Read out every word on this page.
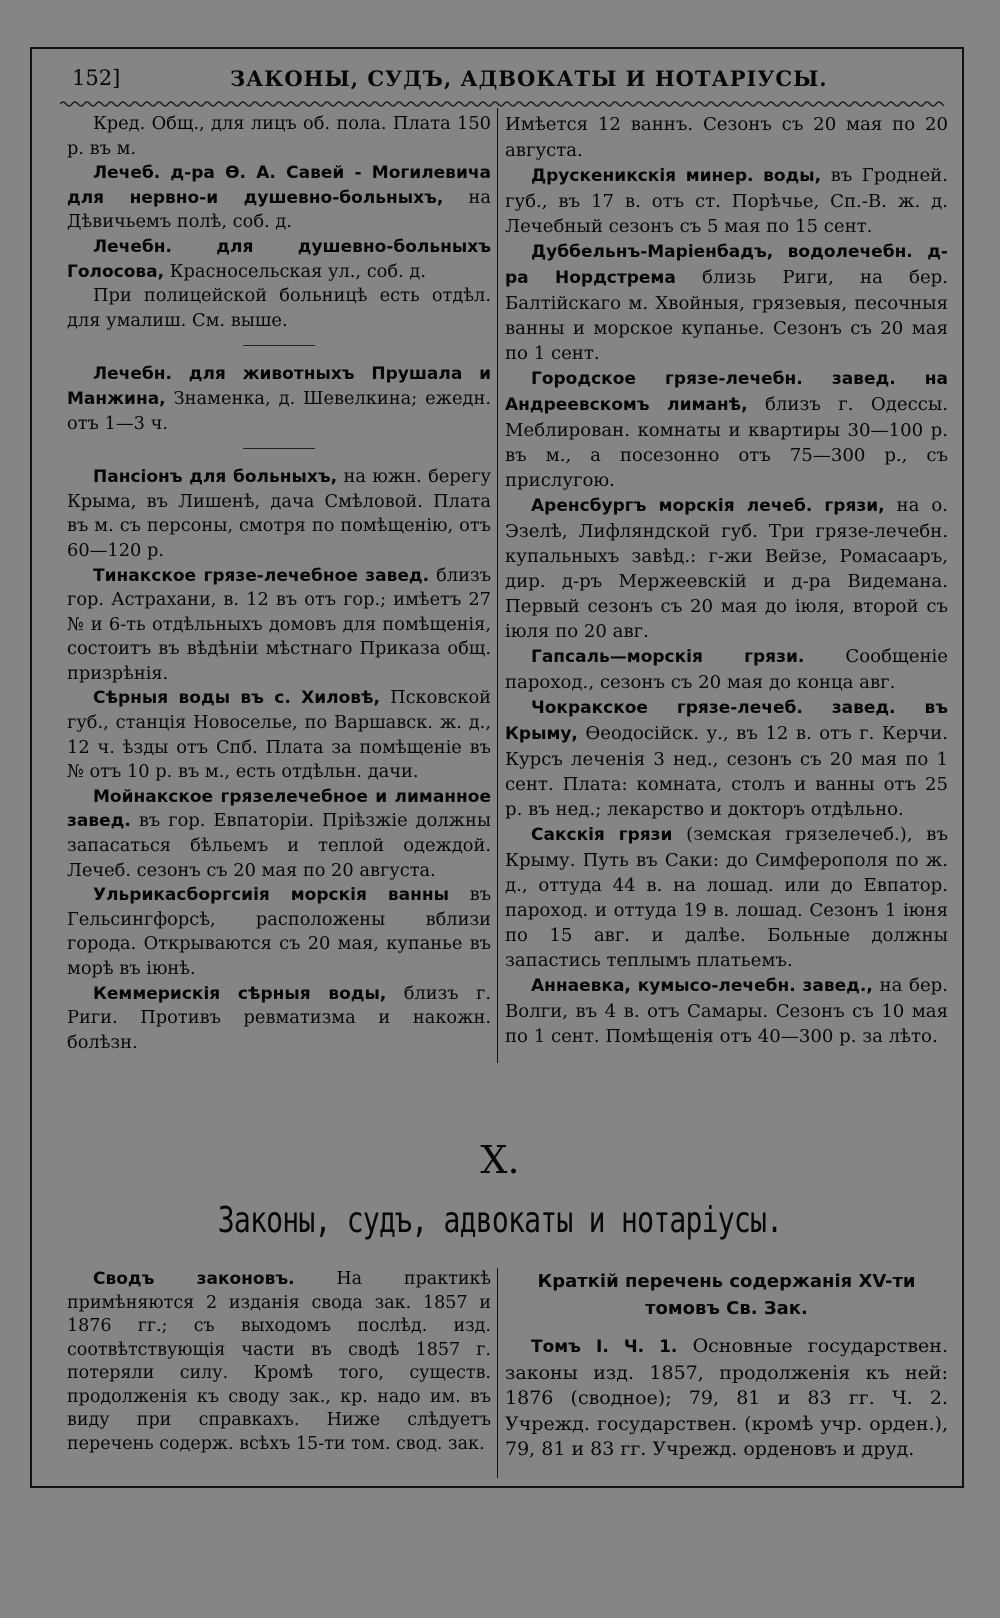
152]	ЗАКОНЫ, СУДЪ, АДВОКАТЫ И НОТАРІУСЫ.

Кред. Общ., для лицъ об. пола. Плата 150 р. въ м.

Лечеб. д-ра Ѳ. А. Савей - Могилевича для нервно-и душевно-больныхъ, на Дѣвичьемъ полѣ, соб. д.

Лечебн. для душевно-больныхъ Голосова, Красносельская ул., соб. д.

При полицейской больницѣ есть отдѣл. для умалиш. См. выше.

Лечебн. для животныхъ Прушала и Манжина, Знаменка, д. Шевелкина; ежедн. отъ 1—3 ч.

Пансіонъ для больныхъ, на южн. берегу Крыма, въ Лишенѣ, дача Смѣловой. Плата въ м. съ персоны, смотря по помѣщенію, отъ 60—120 р.

Тинакское грязе-лечебное завед. близъ гор. Астрахани, в. 12 въ отъ гор.; имѣетъ 27 № и 6-ть отдѣльныхъ домовъ для помѣщенія, состоитъ въ вѣдѣніи мѣстнаго Приказа общ. призрѣнія.

Сѣрныя воды въ с. Хиловѣ, Псковской губ., станція Новоселье, по Варшавск. ж. д., 12 ч. ѣзды отъ Спб. Плата за помѣщеніе въ № отъ 10 р. въ м., есть отдѣльн. дачи.

Мойнакское грязелечебное и лиманное завед. въ гор. Евпаторіи. Пріѣзжіе должны запасаться бѣльемъ и теплой одеждой. Лечеб. сезонъ съ 20 мая по 20 августа.

Ульрикасборгсиія морскія ванны въ Гельсингфорсѣ, расположены вблизи города. Открываются съ 20 мая, купанье въ морѣ въ іюнѣ.

Кеммерискія сѣрныя воды, близъ г. Риги. Противъ ревматизма и накожн. болѣзн.

Имѣется 12 ваннъ. Сезонъ съ 20 мая по 20 августа.

Друскеникскія минер. воды, въ Гродней. губ., въ 17 в. отъ ст. Порѣчье, Сп.-В. ж. д. Лечебный сезонъ съ 5 мая по 15 сент.

Дуббельнъ-Маріенбадъ, водолечебн. д-ра Нордстрема близь Риги, на бер. Балтійскаго м. Хвойныя, грязевыя, песочныя ванны и морское купанье. Сезонъ съ 20 мая по 1 сент.

Городское грязе-лечебн. завед. на Андреевскомъ лиманѣ, близъ г. Одессы. Меблирован. комнаты и квартиры 30—100 р. въ м., а посезонно отъ 75—300 р., съ прислугою.

Аренсбургъ морскія лечеб. грязи, на о. Эзелѣ, Лифляндской губ. Три грязе-лечебн. купальныхъ завѣд.: г-жи Вейзе, Ромасааръ, дир. д-ръ Мержеевскій и д-ра Видемана. Первый сезонъ съ 20 мая до іюля, второй съ іюля по 20 авг.

Гапсаль—морскія грязи. Сообщеніе пароход., сезонъ съ 20 мая до конца авг.

Чокракское грязе-лечеб. завед. въ Крыму, Ѳеодосійск. у., въ 12 в. отъ г. Керчи. Курсъ леченія 3 нед., сезонъ съ 20 мая по 1 сент. Плата: комната, столъ и ванны отъ 25 р. въ нед.; лекарство и докторъ отдѣльно.

Сакскія грязи (земская грязелечеб.), въ Крыму. Путь въ Саки: до Симферополя по ж. д., оттуда 44 в. на лошад. или до Евпатор. пароход. и оттуда 19 в. лошад. Сезонъ 1 іюня по 15 авг. и далѣе. Больные должны запастись теплымъ платьемъ.

Аннаевка, кумысо-лечебн. завед., на бер. Волги, въ 4 в. отъ Самары. Сезонъ съ 10 мая по 1 сент. Помѣщенія отъ 40—300 р. за лѣто.

X.
Законы, судъ, адвокаты и нотаріусы.

Сводъ законовъ. На практикѣ примѣняются 2 изданія свода зак. 1857 и 1876 гг.; съ выходомъ послѣд. изд. соотвѣтствующія части въ сводѣ 1857 г. потеряли силу. Кромѣ того, существ. продолженія къ своду зак., кр. надо им. въ виду при справкахъ. Ниже слѣдуетъ перечень содерж. всѣхъ 15-ти том. свод. зак.

Краткій перечень содержанія XV-ти томовъ Св. Зак.

Томъ I. Ч. 1. Основные государствен. законы изд. 1857, продолженія къ ней: 1876 (сводное); 79, 81 и 83 гг. Ч. 2. Учрежд. государствен. (кромѣ учр. орден.), 79, 81 и 83 гг. Учрежд. орденовъ и друд.
